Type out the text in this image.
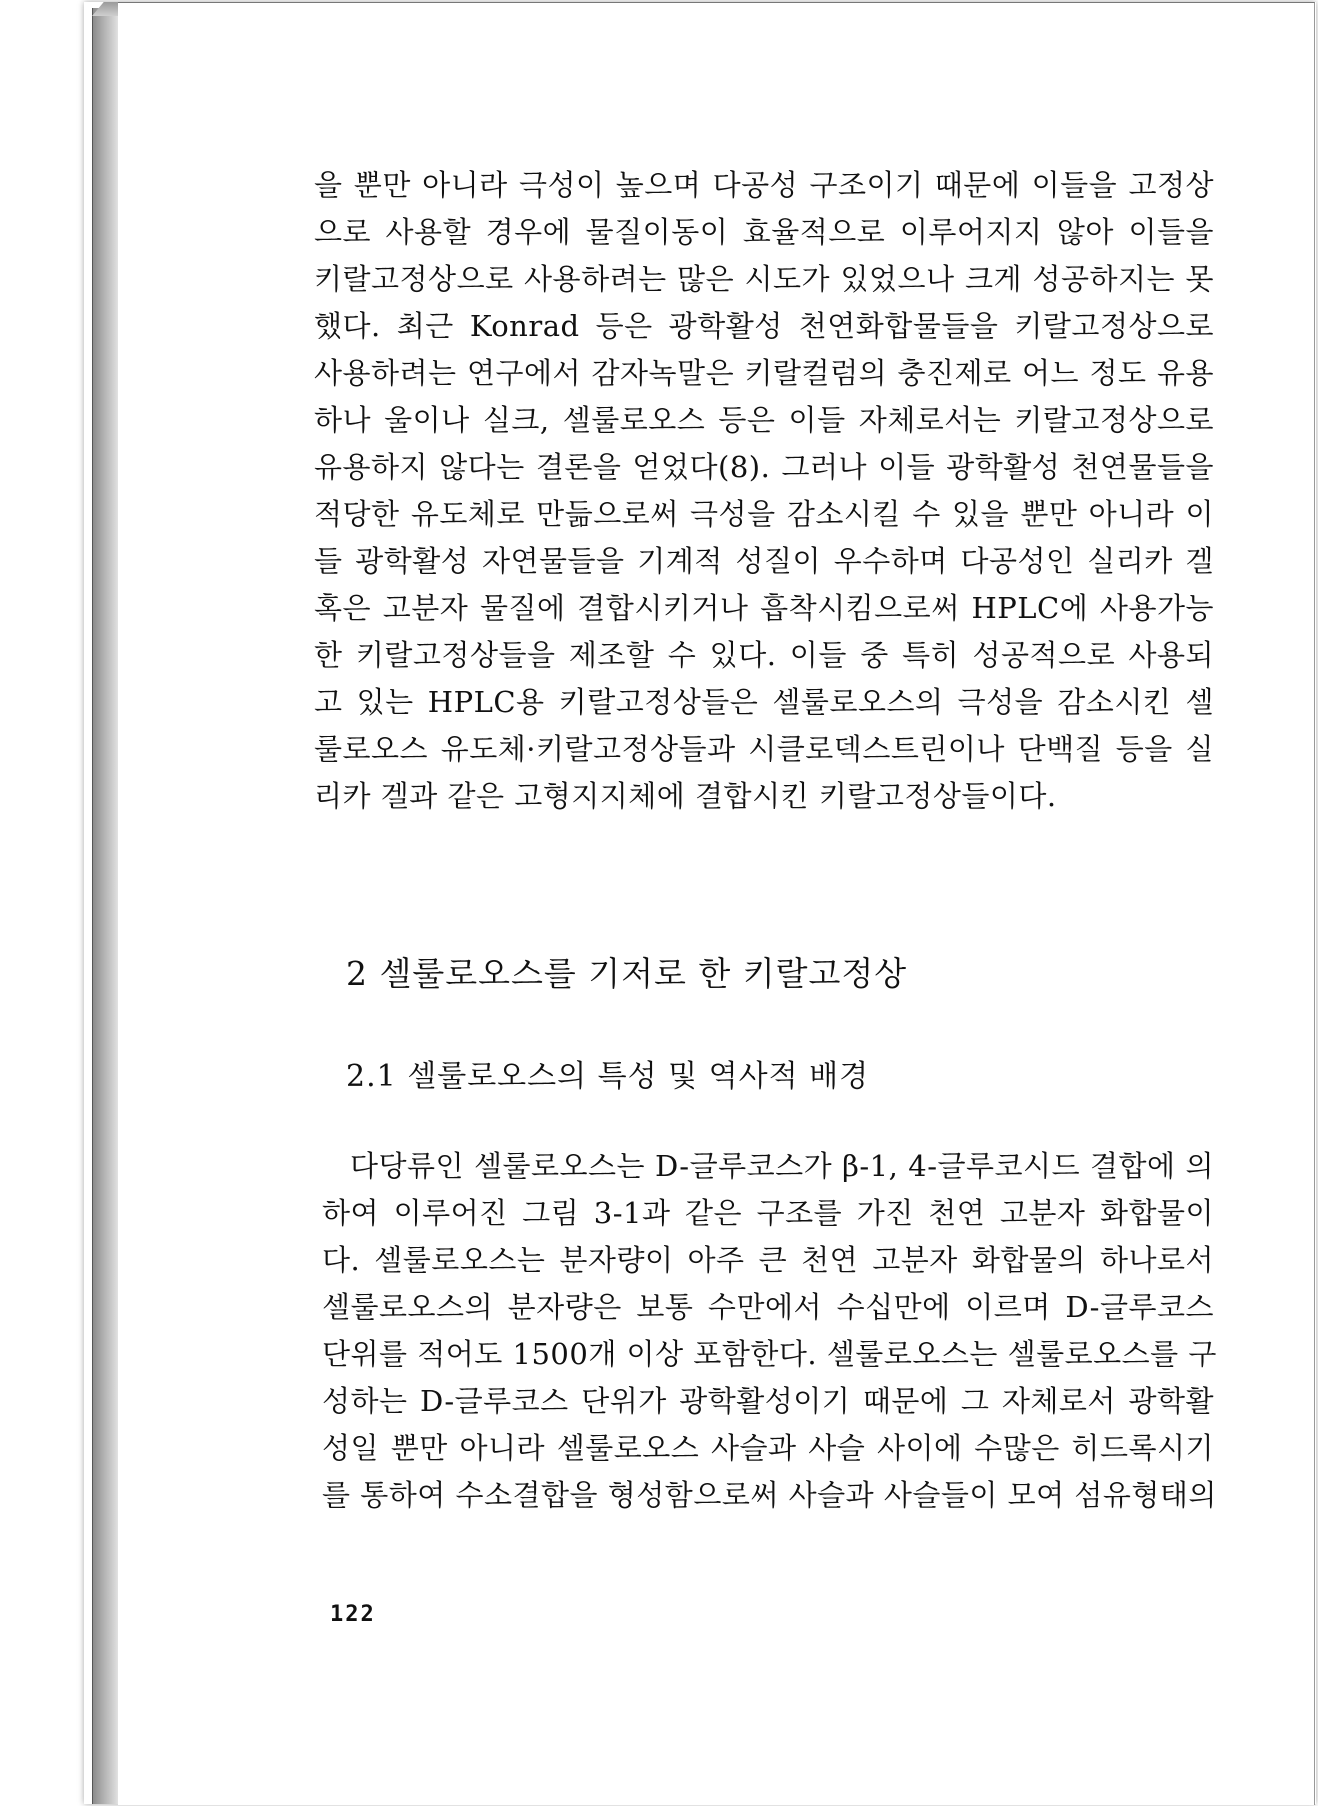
을 뿐만 아니라 극성이 높으며 다공성 구조이기 때문에 이들을 고정상
으로 사용할 경우에 물질이동이 효율적으로 이루어지지 않아 이들을
키랄고정상으로 사용하려는 많은 시도가 있었으나 크게 성공하지는 못
했다. 최근 Konrad 등은 광학활성 천연화합물들을 키랄고정상으로
사용하려는 연구에서 감자녹말은 키랄컬럼의 충진제로 어느 정도 유용
하나 울이나 실크, 셀룰로오스 등은 이들 자체로서는 키랄고정상으로
유용하지 않다는 결론을 얻었다(8). 그러나 이들 광학활성 천연물들을
적당한 유도체로 만듦으로써 극성을 감소시킬 수 있을 뿐만 아니라 이
들 광학활성 자연물들을 기계적 성질이 우수하며 다공성인 실리카 겔
혹은 고분자 물질에 결합시키거나 흡착시킴으로써 HPLC에 사용가능
한 키랄고정상들을 제조할 수 있다. 이들 중 특히 성공적으로 사용되
고 있는 HPLC용 키랄고정상들은 셀룰로오스의 극성을 감소시킨 셀
룰로오스 유도체·키랄고정상들과 시클로덱스트린이나 단백질 등을 실
리카 겔과 같은 고형지지체에 결합시킨 키랄고정상들이다.
2 셀룰로오스를 기저로 한 키랄고정상
2.1 셀룰로오스의 특성 및 역사적 배경
다당류인 셀룰로오스는 D-글루코스가 β-1, 4-글루코시드 결합에 의
하여 이루어진 그림 3-1과 같은 구조를 가진 천연 고분자 화합물이
다. 셀룰로오스는 분자량이 아주 큰 천연 고분자 화합물의 하나로서
셀룰로오스의 분자량은 보통 수만에서 수십만에 이르며 D-글루코스
단위를 적어도 1500개 이상 포함한다. 셀룰로오스는 셀룰로오스를 구
성하는 D-글루코스 단위가 광학활성이기 때문에 그 자체로서 광학활
성일 뿐만 아니라 셀룰로오스 사슬과 사슬 사이에 수많은 히드록시기
를 통하여 수소결합을 형성함으로써 사슬과 사슬들이 모여 섬유형태의
122
